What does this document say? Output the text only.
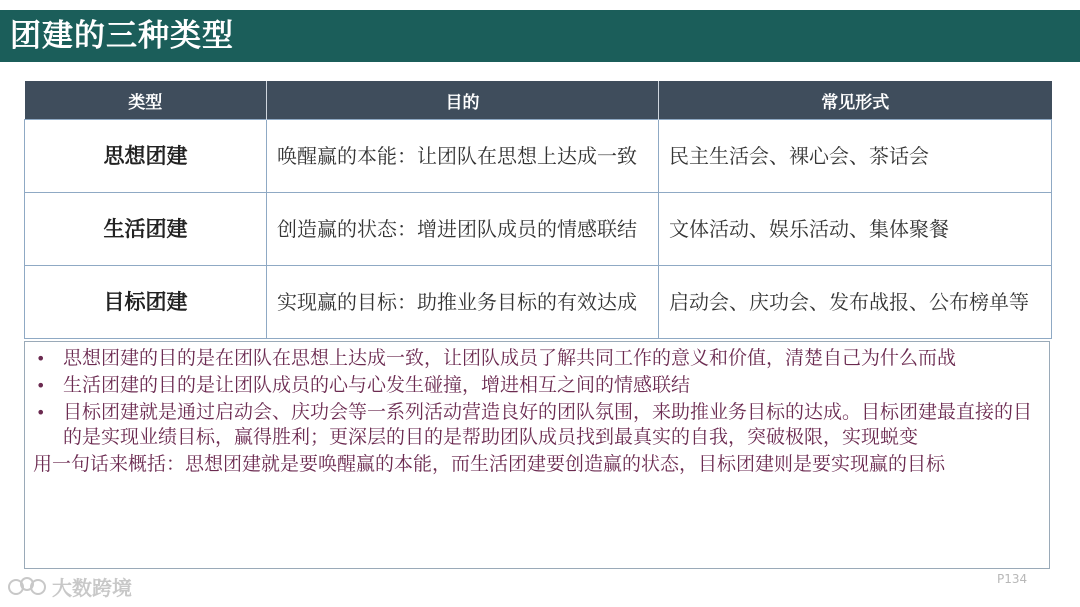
团建的三种类型
类型	目的	常见形式
思想团建	唤醒赢的本能：让团队在思想上达成一致	民主生活会、裸心会、茶话会
生活团建	创造赢的状态：增进团队成员的情感联结	文体活动、娱乐活动、集体聚餐
目标团建	实现赢的目标：助推业务目标的有效达成	启动会、庆功会、发布战报、公布榜单等
• 思想团建的目的是在团队在思想上达成一致，让团队成员了解共同工作的意义和价值，清楚自己为什么而战
• 生活团建的目的是让团队成员的心与心发生碰撞，增进相互之间的情感联结
• 目标团建就是通过启动会、庆功会等一系列活动营造良好的团队氛围，来助推业务目标的达成。目标团建最直接的目的是实现业绩目标，赢得胜利；更深层的目的是帮助团队成员找到最真实的自我，突破极限，实现蜕变
用一句话来概括：思想团建就是要唤醒赢的本能，而生活团建要创造赢的状态，目标团建则是要实现赢的目标
大数跨境	P134
